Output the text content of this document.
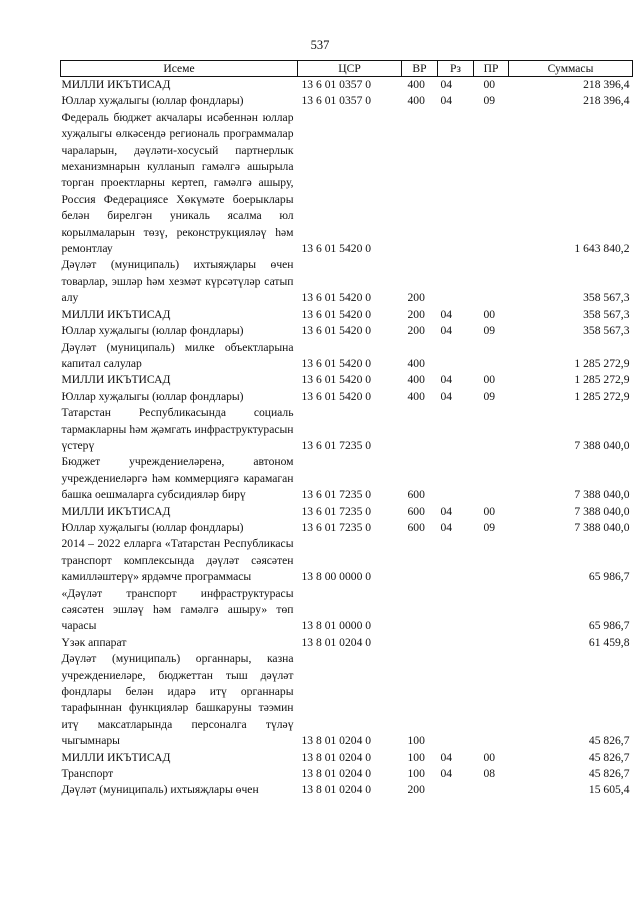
537
Исеме	ЦСР	ВР	Рз	ПР	Суммасы
МИЛЛИ ИКЪТИСАД	13 6 01 0357 0	400	04	00	218 396,4
Юллар хуҗалыгы (юллар фондлары)	13 6 01 0357 0	400	04	09	218 396,4
Федераль бюджет акчалары исәбеннән юллар хуҗалыгы өлкәсендә региональ программалар чараларын, дәүләти-хосусый партнерлык механизмнарын кулланып гамәлгә ашырыла торган проектларны кертеп, гамәлгә ашыру, Россия Федерациясе Хөкүмәте боерыклары белән бирелгән уникаль ясалма юл корылмаларын төзү, реконструкцияләү һәм ремонтлау	13 6 01 5420 0				1 643 840,2
Дәүләт (муниципаль) ихтыяҗлары өчен товарлар, эшләр һәм хезмәт күрсәтүләр сатып алу	13 6 01 5420 0	200			358 567,3
МИЛЛИ ИКЪТИСАД	13 6 01 5420 0	200	04	00	358 567,3
Юллар хуҗалыгы (юллар фондлары)	13 6 01 5420 0	200	04	09	358 567,3
Дәүләт (муниципаль) милке объектларына капитал салулар	13 6 01 5420 0	400			1 285 272,9
МИЛЛИ ИКЪТИСАД	13 6 01 5420 0	400	04	00	1 285 272,9
Юллар хуҗалыгы (юллар фондлары)	13 6 01 5420 0	400	04	09	1 285 272,9
Татарстан Республикасында социаль тармакларны һәм җәмгать инфраструктурасын үстерү	13 6 01 7235 0				7 388 040,0
Бюджет учреждениеләренә, автоном учреждениеләргә һәм коммерциягә карамаган башка оешмаларга субсидияләр бирү	13 6 01 7235 0	600			7 388 040,0
МИЛЛИ ИКЪТИСАД	13 6 01 7235 0	600	04	00	7 388 040,0
Юллар хуҗалыгы (юллар фондлары)	13 6 01 7235 0	600	04	09	7 388 040,0
2014 – 2022 елларга «Татарстан Республикасы транспорт комплексында дәүләт сәясәтен камилләштерү» ярдәмче программасы	13 8 00 0000 0				65 986,7
«Дәүләт транспорт инфраструктурасы сәясәтен эшләү һәм гамәлгә ашыру» төп чарасы	13 8 01 0000 0				65 986,7
Үзәк аппарат	13 8 01 0204 0				61 459,8
Дәүләт (муниципаль) органнары, казна учреждениеләре, бюджеттан тыш дәүләт фондлары белән идарә итү органнары тарафыннан функцияләр башкаруны тәэмин итү максатларында персоналга түләү чыгымнары	13 8 01 0204 0	100			45 826,7
МИЛЛИ ИКЪТИСАД	13 8 01 0204 0	100	04	00	45 826,7
Транспорт	13 8 01 0204 0	100	04	08	45 826,7
Дәүләт (муниципаль) ихтыяҗлары өчен	13 8 01 0204 0	200			15 605,4
